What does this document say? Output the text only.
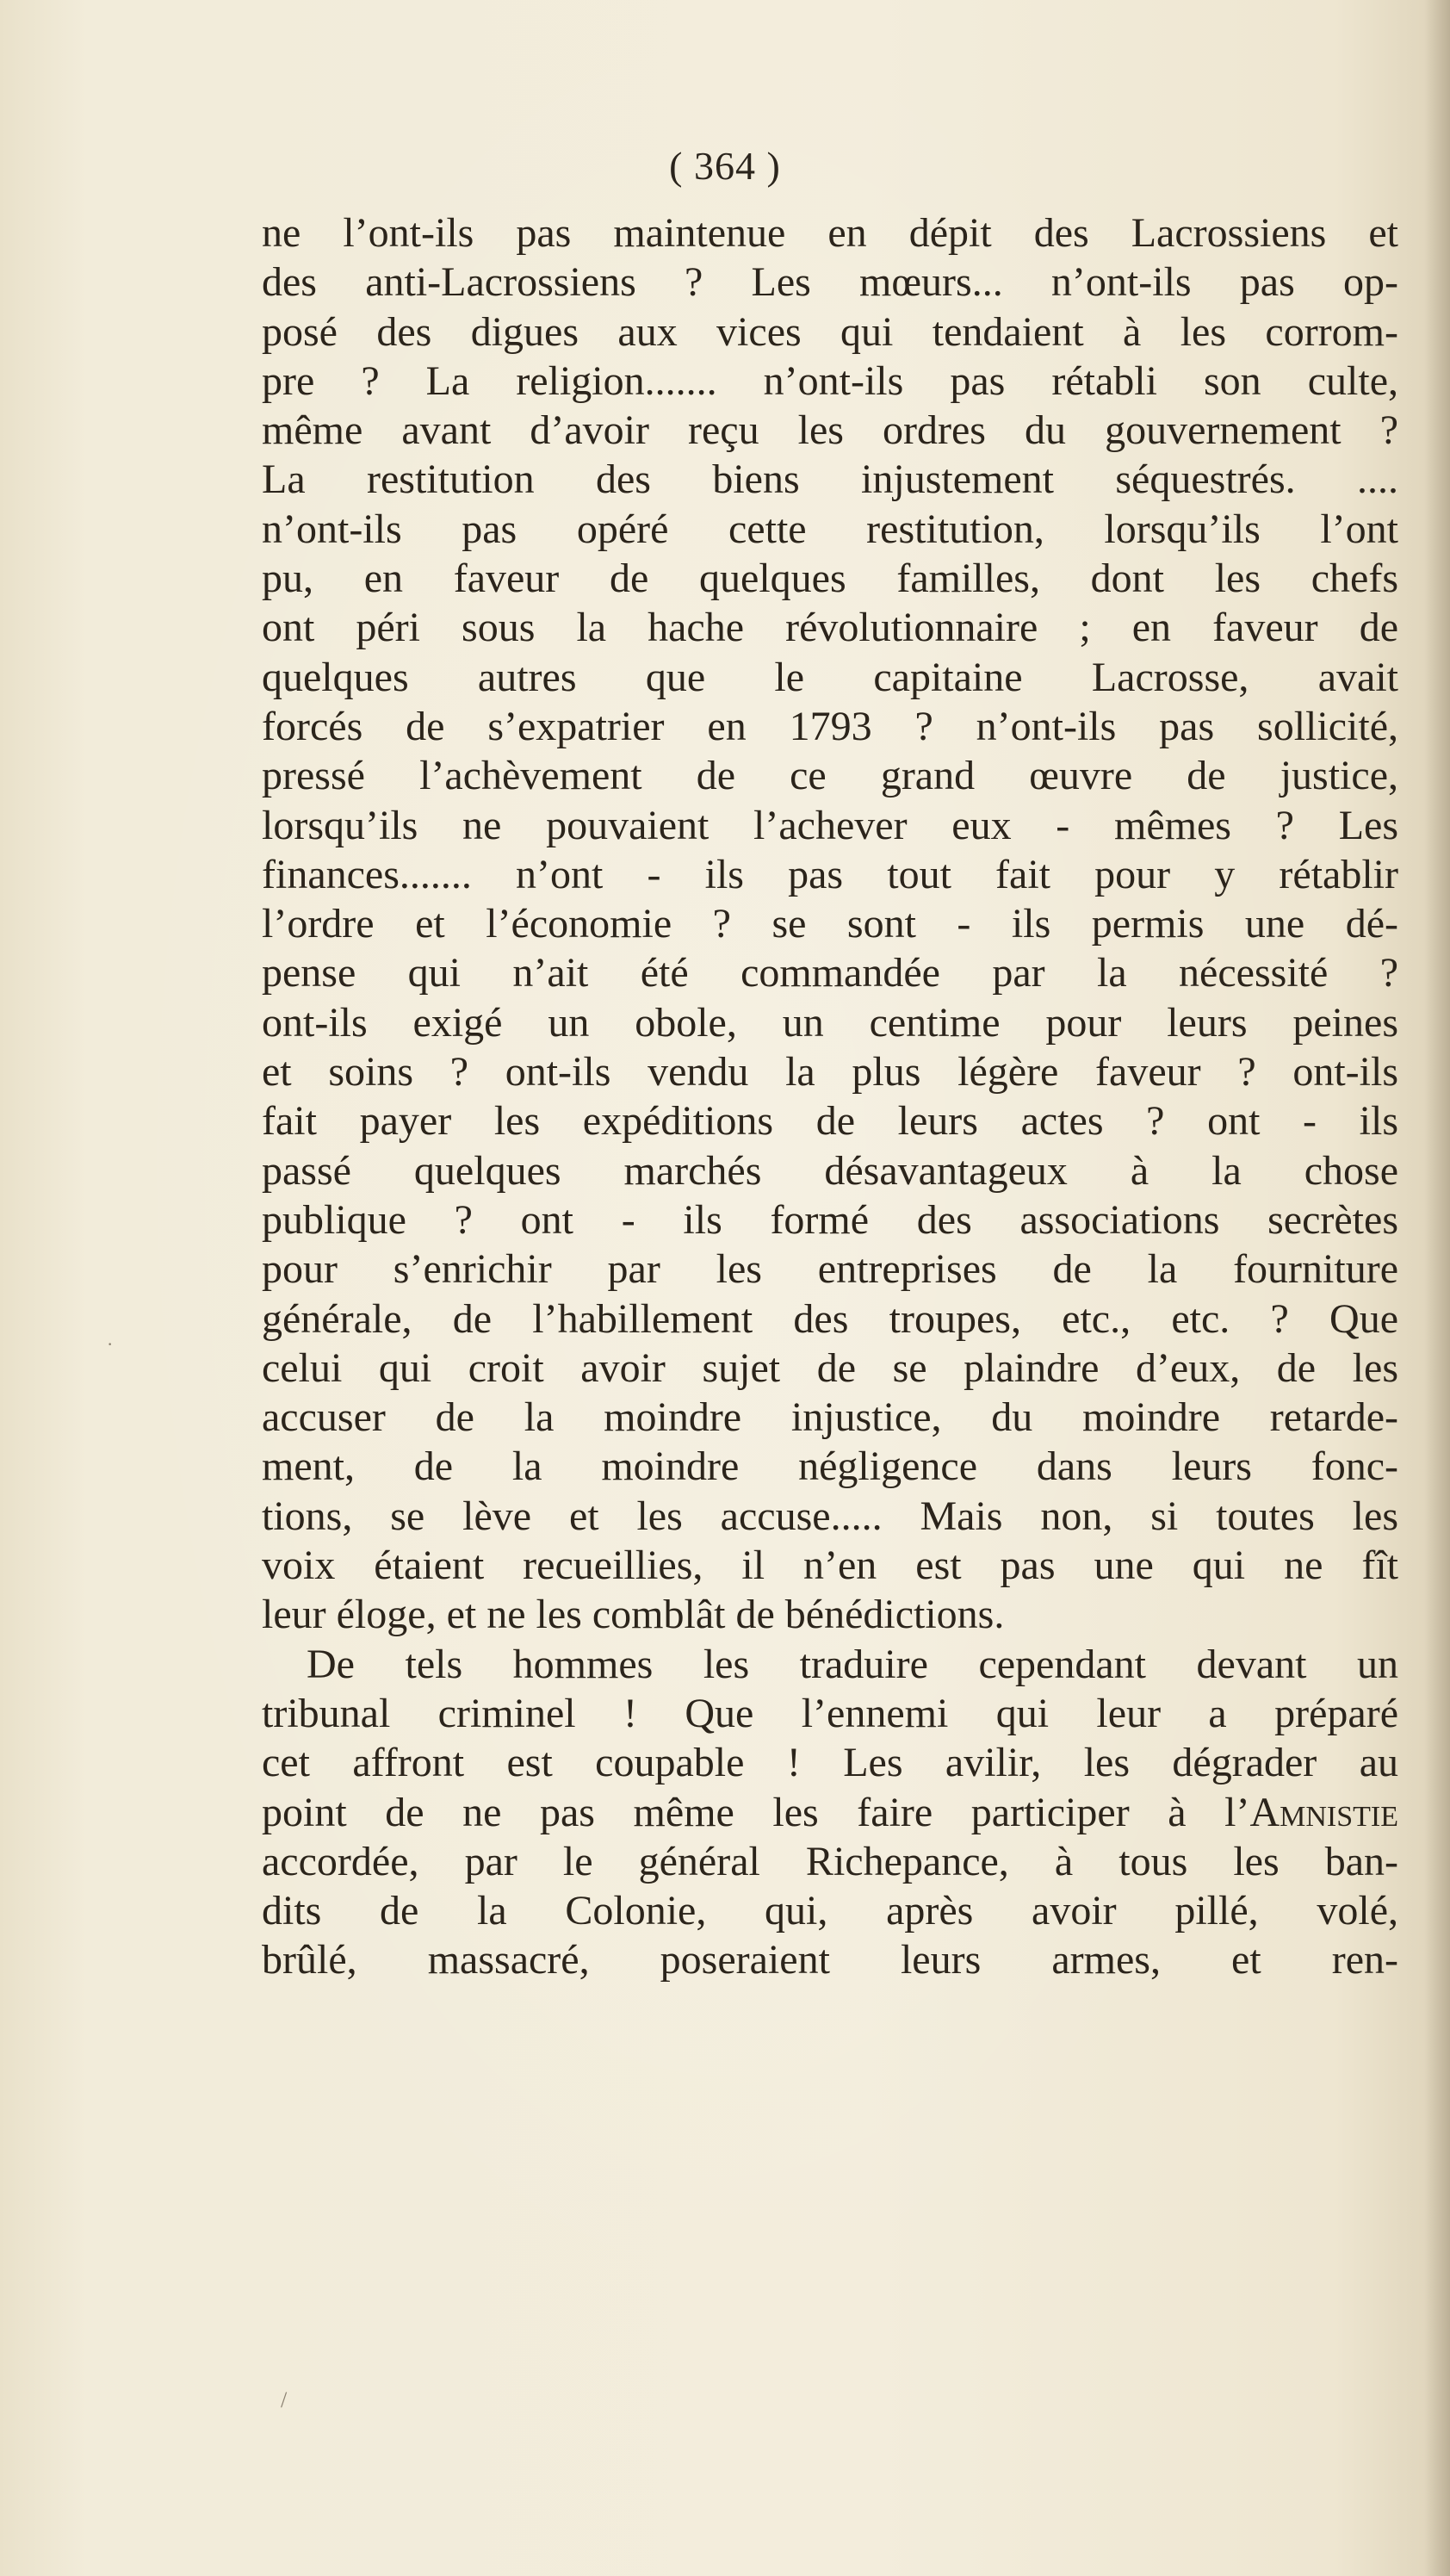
( 364 )
ne l’ont-ils pas maintenue en dépit des Lacrossiens et
des anti-Lacrossiens ? Les mœurs... n’ont-ils pas op-
posé des digues aux vices qui tendaient à les corrom-
pre ? La religion....... n’ont-ils pas rétabli son culte,
même avant d’avoir reçu les ordres du gouvernement ?
La restitution des biens injustement séquestrés. ....
n’ont-ils pas opéré cette restitution, lorsqu’ils l’ont
pu, en faveur de quelques familles, dont les chefs
ont péri sous la hache révolutionnaire ; en faveur de
quelques autres que le capitaine Lacrosse, avait
forcés de s’expatrier en 1793 ? n’ont-ils pas sollicité,
pressé l’achèvement de ce grand œuvre de justice,
lorsqu’ils ne pouvaient l’achever eux - mêmes ? Les
finances....... n’ont - ils pas tout fait pour y rétablir
l’ordre et l’économie ? se sont - ils permis une dé-
pense qui n’ait été commandée par la nécessité ?
ont-ils exigé un obole, un centime pour leurs peines
et soins ? ont-ils vendu la plus légère faveur ? ont-ils
fait payer les expéditions de leurs actes ? ont - ils
passé quelques marchés désavantageux à la chose
publique ? ont - ils formé des associations secrètes
pour s’enrichir par les entreprises de la fourniture
générale, de l’habillement des troupes, etc., etc. ? Que
celui qui croit avoir sujet de se plaindre d’eux, de les
accuser de la moindre injustice, du moindre retarde-
ment, de la moindre négligence dans leurs fonc-
tions, se lève et les accuse..... Mais non, si toutes les
voix étaient recueillies, il n’en est pas une qui ne fît
leur éloge, et ne les comblât de bénédictions.
De tels hommes les traduire cependant devant un
tribunal criminel ! Que l’ennemi qui leur a préparé
cet affront est coupable ! Les avilir, les dégrader au
point de ne pas même les faire participer à l’Amnistie
accordée, par le général Richepance, à tous les ban-
dits de la Colonie, qui, après avoir pillé, volé,
brûlé, massacré, poseraient leurs armes, et ren-
·
/
